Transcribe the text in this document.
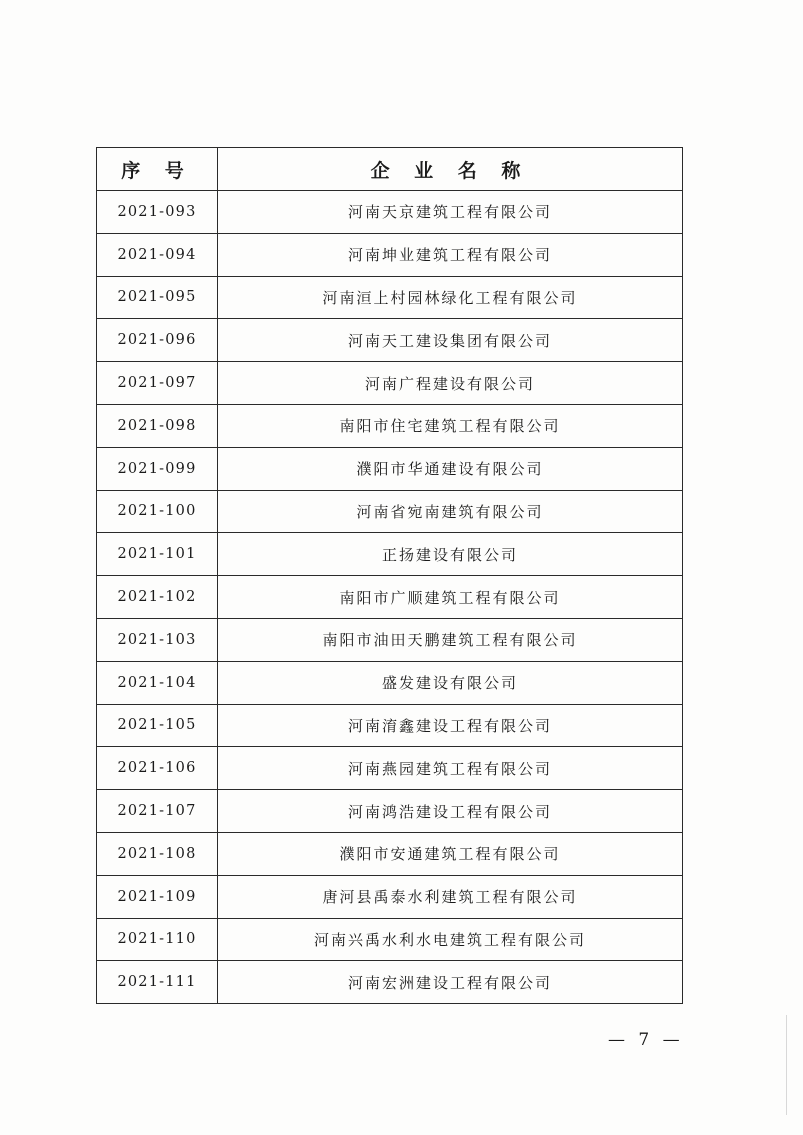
序 号	企 业 名 称
2021-093	河南天京建筑工程有限公司
2021-094	河南坤业建筑工程有限公司
2021-095	河南洹上村园林绿化工程有限公司
2021-096	河南天工建设集团有限公司
2021-097	河南广程建设有限公司
2021-098	南阳市住宅建筑工程有限公司
2021-099	濮阳市华通建设有限公司
2021-100	河南省宛南建筑有限公司
2021-101	正扬建设有限公司
2021-102	南阳市广顺建筑工程有限公司
2021-103	南阳市油田天鹏建筑工程有限公司
2021-104	盛发建设有限公司
2021-105	河南淯鑫建设工程有限公司
2021-106	河南燕园建筑工程有限公司
2021-107	河南鸿浩建设工程有限公司
2021-108	濮阳市安通建筑工程有限公司
2021-109	唐河县禹泰水利建筑工程有限公司
2021-110	河南兴禹水利水电建筑工程有限公司
2021-111	河南宏洲建设工程有限公司
— 7 —
